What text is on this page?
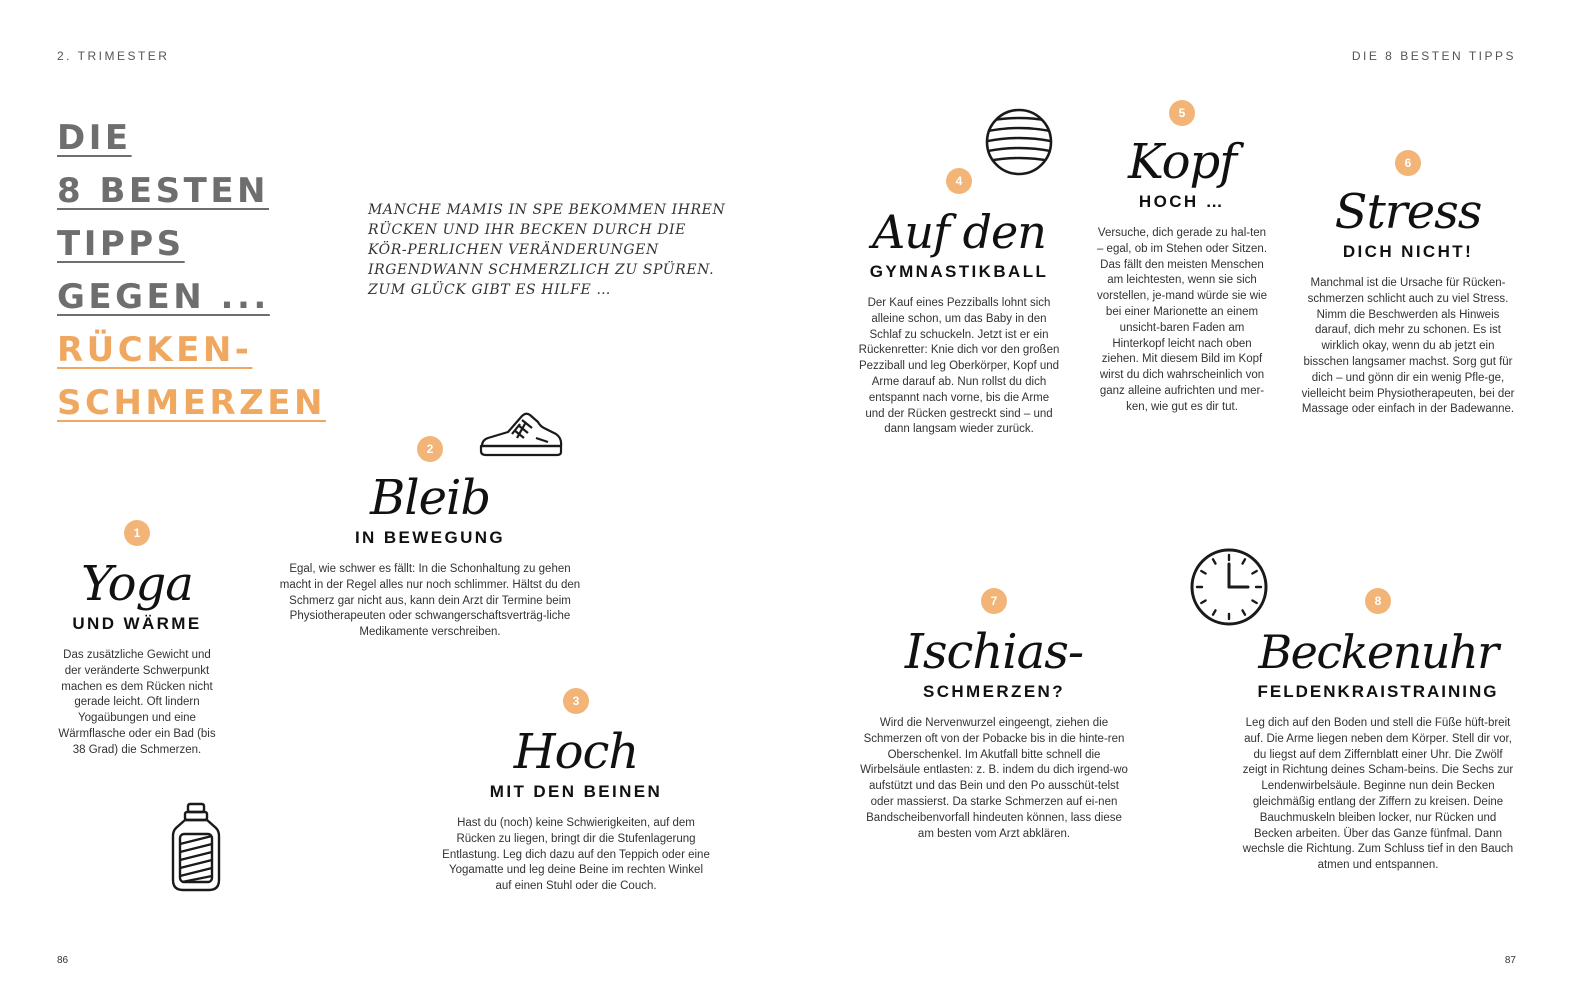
2. TRIMESTER	DIE 8 BESTEN TIPPS
DIE
8 BESTEN
TIPPS
GEGEN ...
RÜCKEN-
SCHMERZEN
MANCHE MAMIS IN SPE BEKOMMEN IHREN RÜCKEN UND IHR BECKEN DURCH DIE KÖR-PERLICHEN VERÄNDERUNGEN IRGENDWANN SCHMERZLICH ZU SPÜREN. ZUM GLÜCK GIBT ES HILFE …
1
Yoga
UND WÄRME
Das zusätzliche Gewicht und der veränderte Schwerpunkt machen es dem Rücken nicht gerade leicht. Oft lindern Yogaübungen und eine Wärmflasche oder ein Bad (bis 38 Grad) die Schmerzen.
2
Bleib
IN BEWEGUNG
Egal, wie schwer es fällt: In die Schonhaltung zu gehen macht in der Regel alles nur noch schlimmer. Hältst du den Schmerz gar nicht aus, kann dein Arzt dir Termine beim Physiotherapeuten oder schwangerschaftsverträg-liche Medikamente verschreiben.
3
Hoch
MIT DEN BEINEN
Hast du (noch) keine Schwierigkeiten, auf dem Rücken zu liegen, bringt dir die Stufenlagerung Entlastung. Leg dich dazu auf den Teppich oder eine Yogamatte und leg deine Beine im rechten Winkel auf einen Stuhl oder die Couch.
4
Auf den
GYMNASTIKBALL
Der Kauf eines Pezziballs lohnt sich alleine schon, um das Baby in den Schlaf zu schuckeln. Jetzt ist er ein Rückenretter: Knie dich vor den großen Pezziball und leg Oberkörper, Kopf und Arme darauf ab. Nun rollst du dich entspannt nach vorne, bis die Arme und der Rücken gestreckt sind – und dann langsam wieder zurück.
5
Kopf
HOCH …
Versuche, dich gerade zu hal-ten – egal, ob im Stehen oder Sitzen. Das fällt den meisten Menschen am leichtesten, wenn sie sich vorstellen, je-mand würde sie wie bei einer Marionette an einem unsicht-baren Faden am Hinterkopf leicht nach oben ziehen. Mit diesem Bild im Kopf wirst du dich wahrscheinlich von ganz alleine aufrichten und mer-ken, wie gut es dir tut.
6
Stress
DICH NICHT!
Manchmal ist die Ursache für Rücken-schmerzen schlicht auch zu viel Stress. Nimm die Beschwerden als Hinweis darauf, dich mehr zu schonen. Es ist wirklich okay, wenn du ab jetzt ein bisschen langsamer machst. Sorg gut für dich – und gönn dir ein wenig Pfle-ge, vielleicht beim Physiotherapeuten, bei der Massage oder einfach in der Badewanne.
7
Ischias-
SCHMERZEN?
Wird die Nervenwurzel eingeengt, ziehen die Schmerzen oft von der Pobacke bis in die hinte-ren Oberschenkel. Im Akutfall bitte schnell die Wirbelsäule entlasten: z. B. indem du dich irgend-wo aufstützt und das Bein und den Po ausschüt-telst oder massierst. Da starke Schmerzen auf ei-nen Bandscheibenvorfall hindeuten können, lass diese am besten vom Arzt abklären.
8
Beckenuhr
FELDENKRAISTRAINING
Leg dich auf den Boden und stell die Füße hüft-breit auf. Die Arme liegen neben dem Körper. Stell dir vor, du liegst auf dem Ziffernblatt einer Uhr. Die Zwölf zeigt in Richtung deines Scham-beins. Die Sechs zur Lendenwirbelsäule. Beginne nun dein Becken gleichmäßig entlang der Ziffern zu kreisen. Deine Bauchmuskeln bleiben locker, nur Rücken und Becken arbeiten. Über das Ganze fünfmal. Dann wechsle die Richtung. Zum Schluss tief in den Bauch atmen und entspannen.
86	87
